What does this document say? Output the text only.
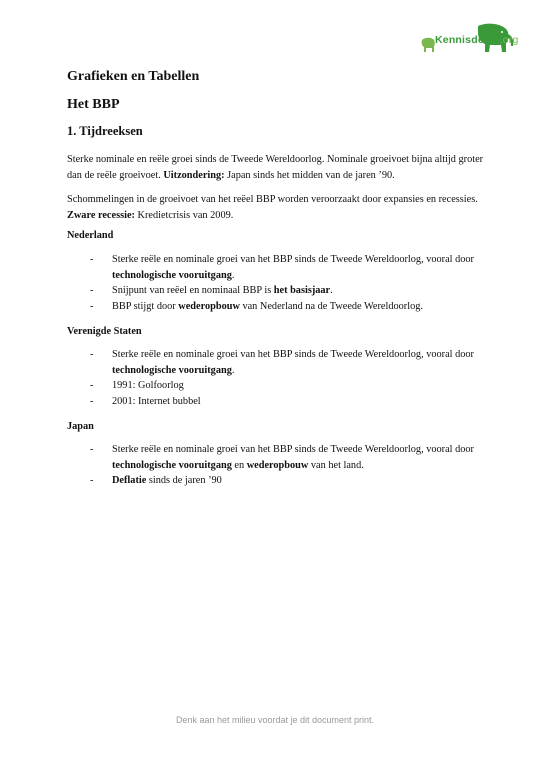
Kennisdelen.org
Grafieken en Tabellen
Het BBP
1. Tijdreeksen

Sterke nominale en reële groei sinds de Tweede Wereldoorlog. Nominale groeivoet bijna altijd groter dan de reële groeivoet. Uitzondering: Japan sinds het midden van de jaren ’90.

Schommelingen in de groeivoet van het reëel BBP worden veroorzaakt door expansies en recessies. Zware recessie: Kredietcrisis van 2009.

Nederland

- Sterke reële en nominale groei van het BBP sinds de Tweede Wereldoorlog, vooral door technologische vooruitgang.
- Snijpunt van reëel en nominaal BBP is het basisjaar.
- BBP stijgt door wederopbouw van Nederland na de Tweede Wereldoorlog.

Verenigde Staten

- Sterke reële en nominale groei van het BBP sinds de Tweede Wereldoorlog, vooral door technologische vooruitgang.
- 1991: Golfoorlog
- 2001: Internet bubbel

Japan

- Sterke reële en nominale groei van het BBP sinds de Tweede Wereldoorlog, vooral door technologische vooruitgang en wederopbouw van het land.
- Deflatie sinds de jaren ’90
Denk aan het milieu voordat je dit document print.
